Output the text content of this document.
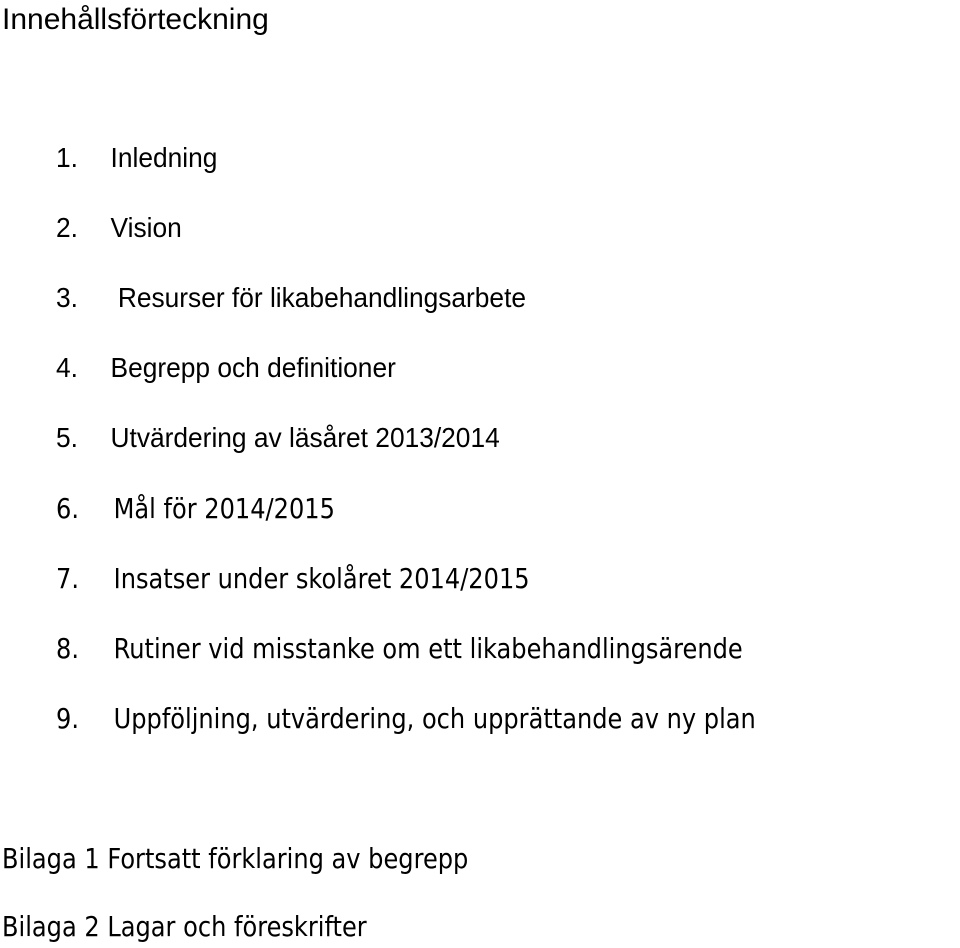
Innehållsförteckning
1. Inledning
2. Vision
3. Resurser för likabehandlingsarbete
4. Begrepp och definitioner
5. Utvärdering av läsåret 2013/2014
6. Mål för 2014/2015
7. Insatser under skolåret 2014/2015
8. Rutiner vid misstanke om ett likabehandlingsärende
9. Uppföljning, utvärdering, och upprättande av ny plan
Bilaga 1 Fortsatt förklaring av begrepp
Bilaga 2 Lagar och föreskrifter
